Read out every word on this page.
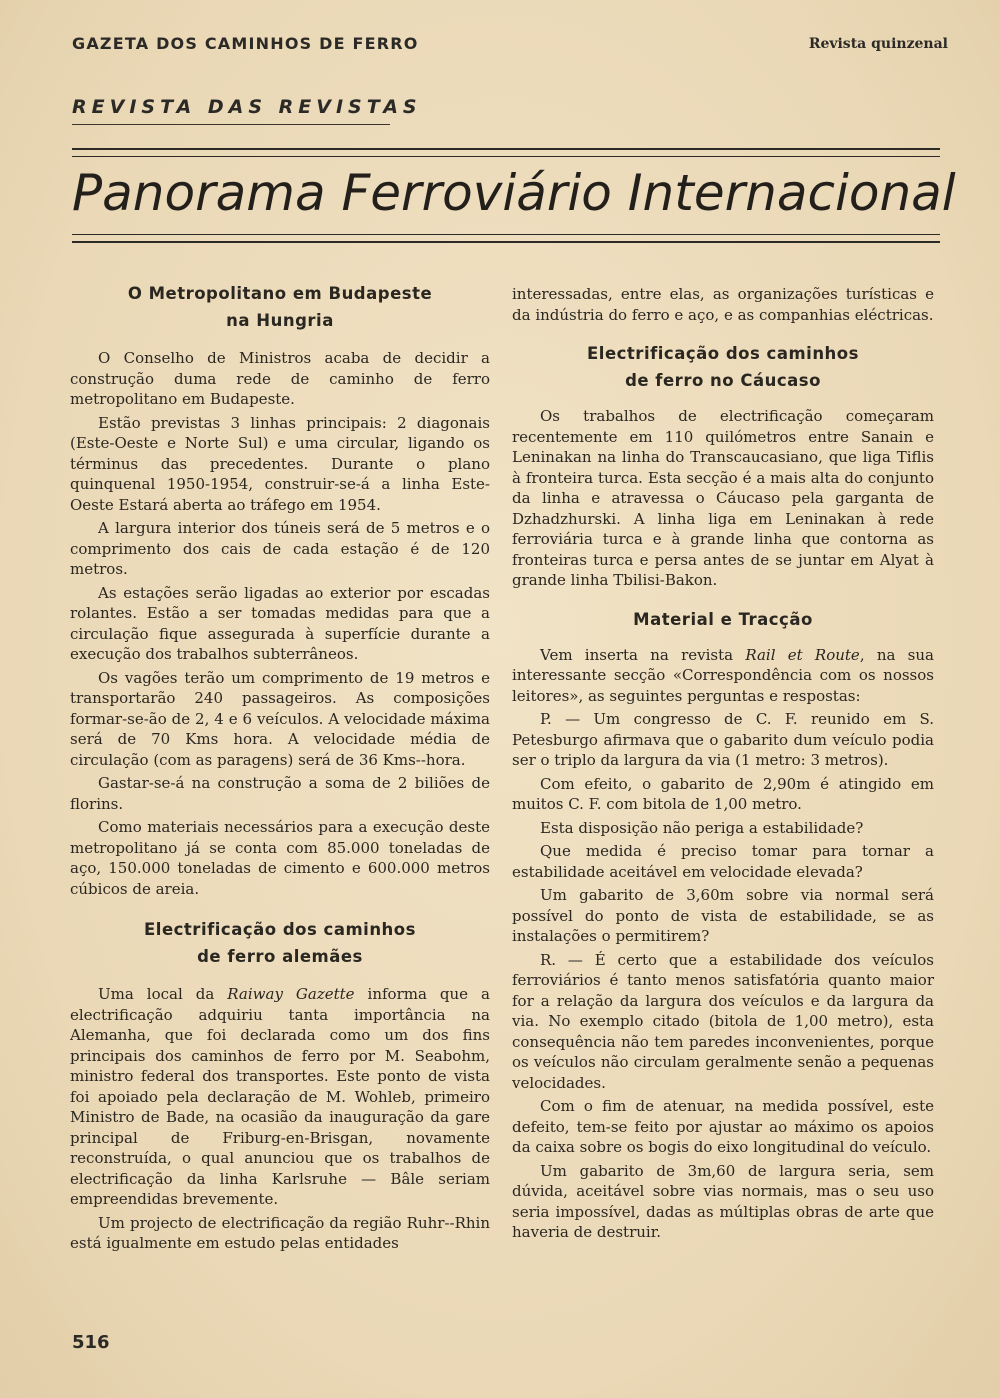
GAZETA DOS CAMINHOS DE FERRO	Revista quinzenal
REVISTA DAS REVISTAS
Panorama Ferroviário Internacional
O Metropolitano em Budapeste
na Hungria

O Conselho de Ministros acaba de decidir a construção duma rede de caminho de ferro metropolitano em Budapeste.

Estão previstas 3 linhas principais: 2 diagonais (Este-Oeste e Norte Sul) e uma circular, ligando os términus das precedentes. Durante o plano quinquenal 1950-1954, construir-se-á a linha Este-Oeste Estará aberta ao tráfego em 1954.

A largura interior dos túneis será de 5 metros e o comprimento dos cais de cada estação é de 120 metros.

As estações serão ligadas ao exterior por escadas rolantes. Estão a ser tomadas medidas para que a circulação fique assegurada à superfície durante a execução dos trabalhos subterrâneos.

Os vagões terão um comprimento de 19 metros e transportarão 240 passageiros. As composições formar-se-ão de 2, 4 e 6 veículos. A velocidade máxima será de 70 Kms hora. A velocidade média de circulação (com as paragens) será de 36 Kms--hora.

Gastar-se-á na construção a soma de 2 biliões de florins.

Como materiais necessários para a execução deste metropolitano já se conta com 85.000 toneladas de aço, 150.000 toneladas de cimento e 600.000 metros cúbicos de areia.

Electrificação dos caminhos
de ferro alemães

Uma local da Raiway Gazette informa que a electrificação adquiriu tanta importância na Alemanha, que foi declarada como um dos fins principais dos caminhos de ferro por M. Seabohm, ministro federal dos transportes. Este ponto de vista foi apoiado pela declaração de M. Wohleb, primeiro Ministro de Bade, na ocasião da inauguração da gare principal de Friburg-en-Brisgan, novamente reconstruída, o qual anunciou que os trabalhos de electrificação da linha Karlsruhe — Bâle seriam empreendidas brevemente.

Um projecto de electrificação da região Ruhr--Rhin está igualmente em estudo pelas entidades

interessadas, entre elas, as organizações turísticas e da indústria do ferro e aço, e as companhias eléctricas.

Electrificação dos caminhos
de ferro no Cáucaso

Os trabalhos de electrificação começaram recentemente em 110 quilómetros entre Sanain e Leninakan na linha do Transcaucasiano, que liga Tiflis à fronteira turca. Esta secção é a mais alta do conjunto da linha e atravessa o Cáucaso pela garganta de Dzhadzhurski. A linha liga em Leninakan à rede ferroviária turca e à grande linha que contorna as fronteiras turca e persa antes de se juntar em Alyat à grande linha Tbilisi-Bakon.

Material e Tracção

Vem inserta na revista Rail et Route, na sua interessante secção «Correspondência com os nossos leitores», as seguintes perguntas e respostas:

P. — Um congresso de C. F. reunido em S. Petesburgo afirmava que o gabarito dum veículo podia ser o triplo da largura da via (1 metro: 3 metros).

Com efeito, o gabarito de 2,90m é atingido em muitos C. F. com bitola de 1,00 metro.

Esta disposição não periga a estabilidade?

Que medida é preciso tomar para tornar a estabilidade aceitável em velocidade elevada?

Um gabarito de 3,60m sobre via normal será possível do ponto de vista de estabilidade, se as instalações o permitirem?

R. — É certo que a estabilidade dos veículos ferroviários é tanto menos satisfatória quanto maior for a relação da largura dos veículos e da largura da via. No exemplo citado (bitola de 1,00 metro), esta consequência não tem paredes inconvenientes, porque os veículos não circulam geralmente senão a pequenas velocidades.

Com o fim de atenuar, na medida possível, este defeito, tem-se feito por ajustar ao máximo os apoios da caixa sobre os bogis do eixo longitudinal do veículo.

Um gabarito de 3m,60 de largura seria, sem dúvida, aceitável sobre vias normais, mas o seu uso seria impossível, dadas as múltiplas obras de arte que haveria de destruir.

516
